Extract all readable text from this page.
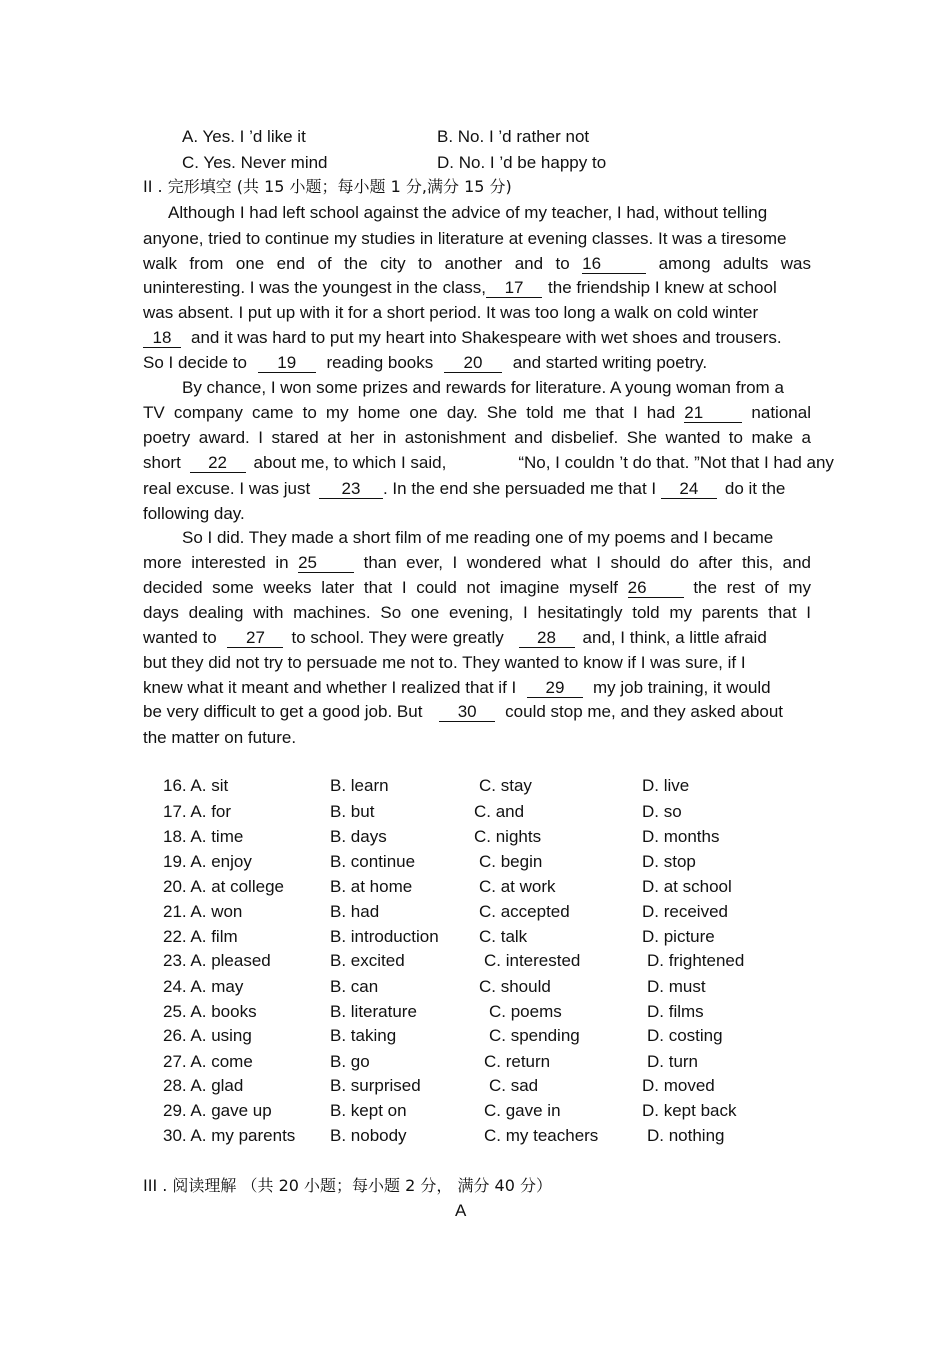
A. Yes. I ’d like it	B. No. I ’d rather not
C. Yes. Never mind	D. No. I ’d be happy to
II . 完形填空 (共 15 小题；每小题 1 分,满分 15 分)
Although I had left school against the advice of my teacher, I had, without telling
anyone, tried to continue my studies in literature at evening classes. It was a tiresome
walk from one end of the city to another and to 16	among adults was
uninteresting. I was the youngest in the class, 17 the friendship I knew at school
was absent. I put up with it for a short period. It was too long a walk on cold winter
18 and it was hard to put my heart into Shakespeare with wet shoes and trousers.
So I decide to 19 reading books 20 and started writing poetry.
By chance, I won some prizes and rewards for literature. A young woman from a
TV company came to my home one day. She told me that I had 21	national
poetry award. I stared at her in astonishment and disbelief. She wanted to make a
short 22 about me, to which I said,	“No, I couldn ’t do that. ”Not that I had any
real excuse. I was just 23 . In the end she persuaded me that I 24 do it the
following day.
So I did. They made a short film of me reading one of my poems and I became
more interested in 25	than ever, I wondered what I should do after this, and
decided some weeks later that I could not imagine myself 26	the rest of my
days dealing with machines. So one evening, I hesitatingly told my parents that I
wanted to 27 to school. They were greatly 28 and, I think, a little afraid
but they did not try to persuade me not to. They wanted to know if I was sure, if I
knew what it meant and whether I realized that if I 29 my job training, it would
be very difficult to get a good job. But 30 could stop me, and they asked about
the matter on future.
16. A. sit	B. learn	C. stay	D. live
17. A. for	B. but	C. and	D. so
18. A. time	B. days	C. nights	D. months
19. A. enjoy	B. continue	C. begin	D. stop
20. A. at college	B. at home	C. at work	D. at school
21. A. won	B. had	C. accepted	D. received
22. A. film	B. introduction C. talk	D. picture
23. A. pleased	B. excited	C. interested	D. frightened
24. A. may	B. can	C. should	D. must
25. A. books	B. literature	C. poems	D. films
26. A. using	B. taking	C. spending	D. costing
27. A. come	B. go	C. return	D. turn
28. A. glad	B. surprised	C. sad	D. moved
29. A. gave up	B. kept on	C. gave in	D. kept back
30. A. my parents B. nobody	C. my teachers	D. nothing
III . 阅读理解 （共 20 小题；每小题 2 分， 满分 40 分）
A
